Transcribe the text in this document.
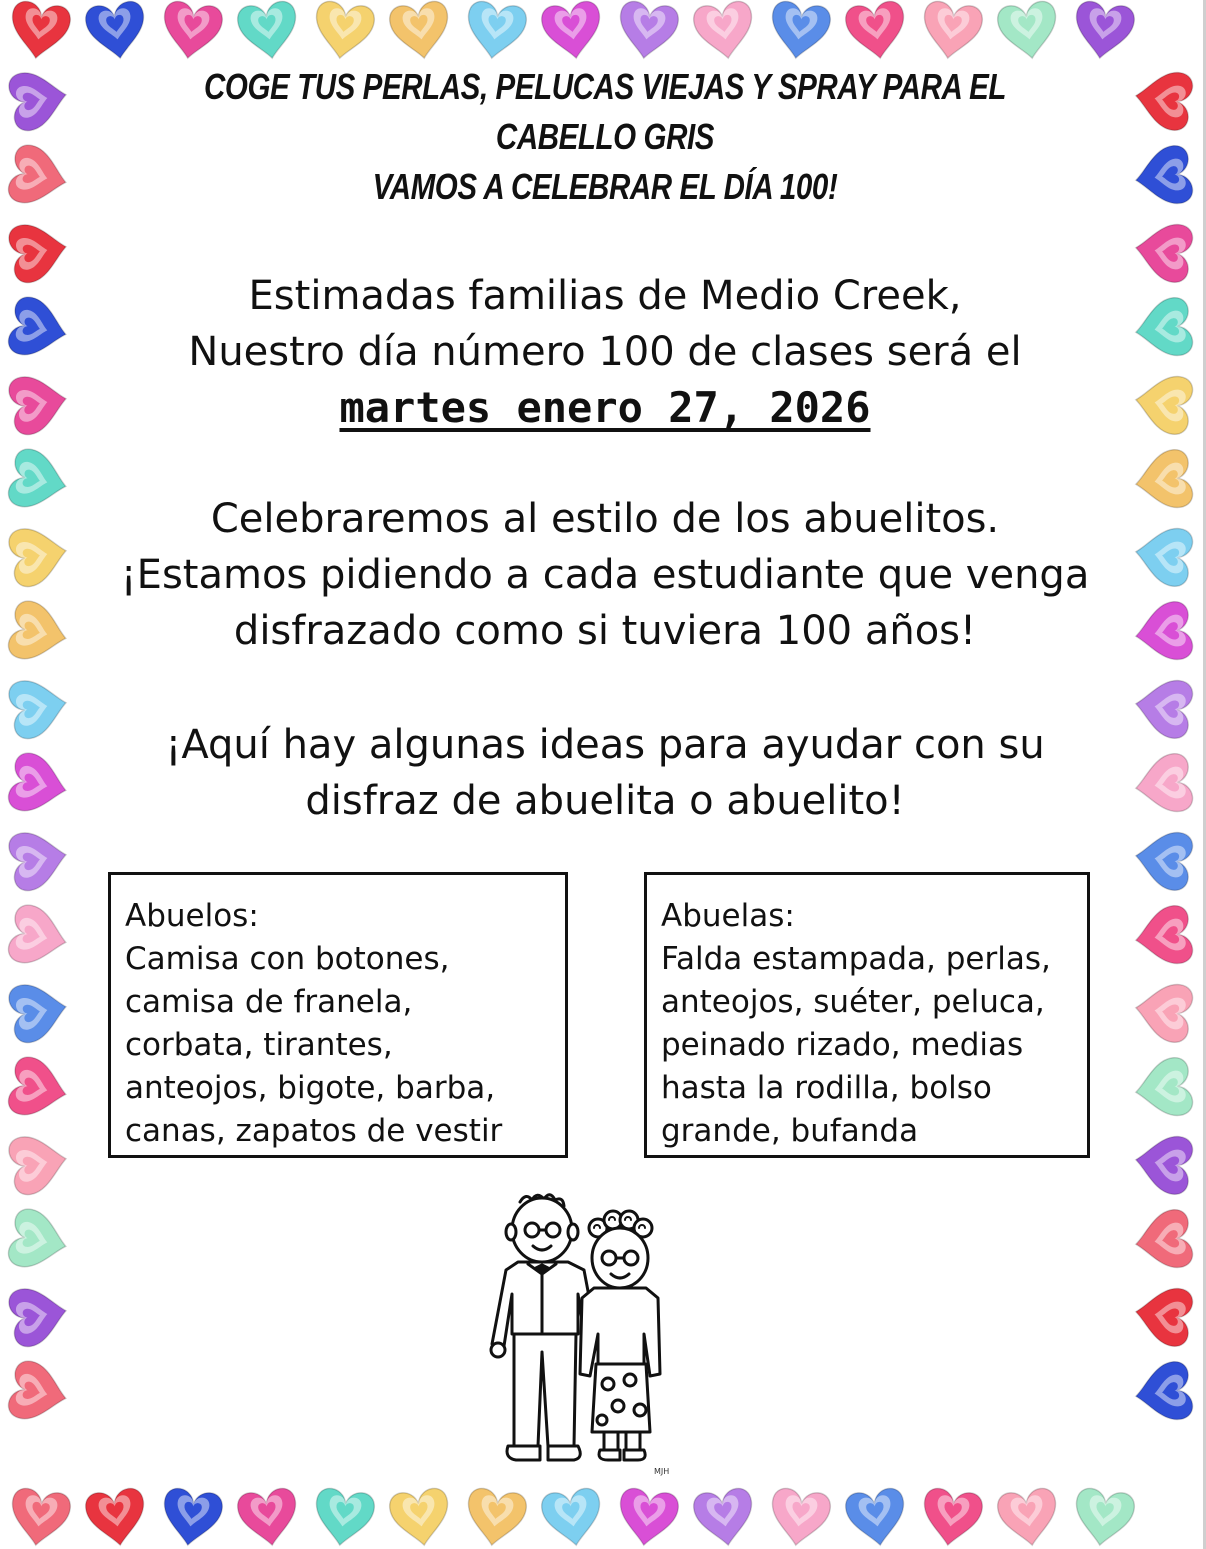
COGE TUS PERLAS, PELUCAS VIEJAS Y SPRAY PARA EL CABELLO GRIS
VAMOS A CELEBRAR EL DÍA 100!

Estimadas familias de Medio Creek,
Nuestro día número 100 de clases será el
martes enero 27, 2026

Celebraremos al estilo de los abuelitos.
¡Estamos pidiendo a cada estudiante que venga
disfrazado como si tuviera 100 años!

¡Aquí hay algunas ideas para ayudar con su
disfraz de abuelita o abuelito!

Abuelos:
Camisa con botones,
camisa de franela,
corbata, tirantes,
anteojos, bigote, barba,
canas, zapatos de vestir
Abuelas:
Falda estampada, perlas,
anteojos, suéter, peluca,
peinado rizado, medias
hasta la rodilla, bolso
grande, bufanda
MJH
